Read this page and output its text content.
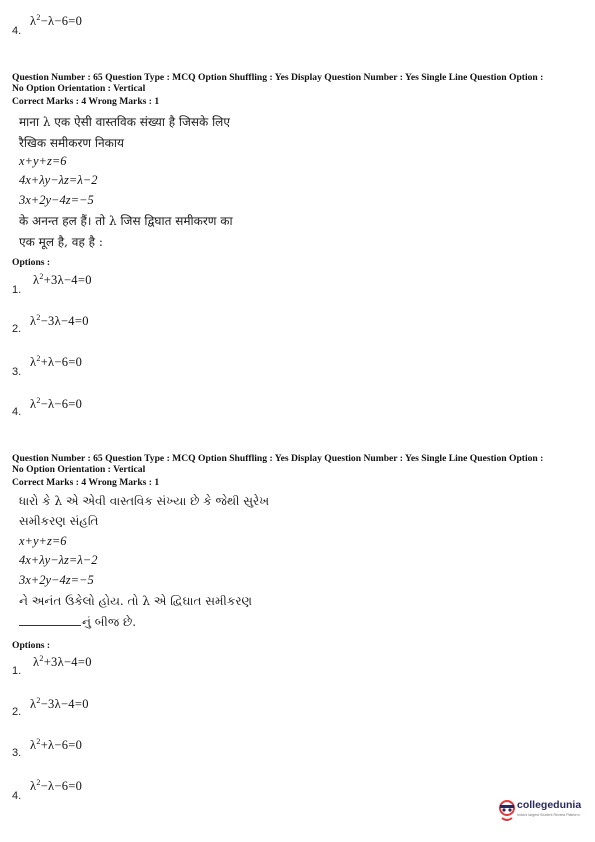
4.
$\lambda^2-\lambda-6=0$
Question Number : 65 Question Type : MCQ Option Shuffling : Yes Display Question Number : Yes Single Line Question Option :
No Option Orientation : Vertical
Correct Marks : 4 Wrong Marks : 1
माना λ एक ऐसी वास्तविक संख्या है जिसके लिए
रैखिक समीकरण निकाय
x+y+z=6
4x+λy−λz=λ−2
3x+2y−4z=−5
के अनन्त हल हैं। तो λ जिस द्विघात समीकरण का
एक मूल है, वह है :
Options :
1.
$\lambda^2+3\lambda-4=0$
2.
$\lambda^2-3\lambda-4=0$
3.
$\lambda^2+\lambda-6=0$
4.
$\lambda^2-\lambda-6=0$
Question Number : 65 Question Type : MCQ Option Shuffling : Yes Display Question Number : Yes Single Line Question Option :
No Option Orientation : Vertical
Correct Marks : 4 Wrong Marks : 1
ધારો કે λ એ એવી વાસ્તવિક સંખ્યા છે કે જેથી સુરેખ
સમીકરણ સંહતિ
x+y+z=6
4x+λy−λz=λ−2
3x+2y−4z=−5
ને અનંત ઉકેલો હોય. તો λ એ દ્વિઘાત સમીકરણ
નું બીજ છે.
Options :
1.
$\lambda^2+3\lambda-4=0$
2.
$\lambda^2-3\lambda-4=0$
3.
$\lambda^2+\lambda-6=0$
4.
$\lambda^2-\lambda-6=0$
collegedunia
India's largest Student Review Platform
